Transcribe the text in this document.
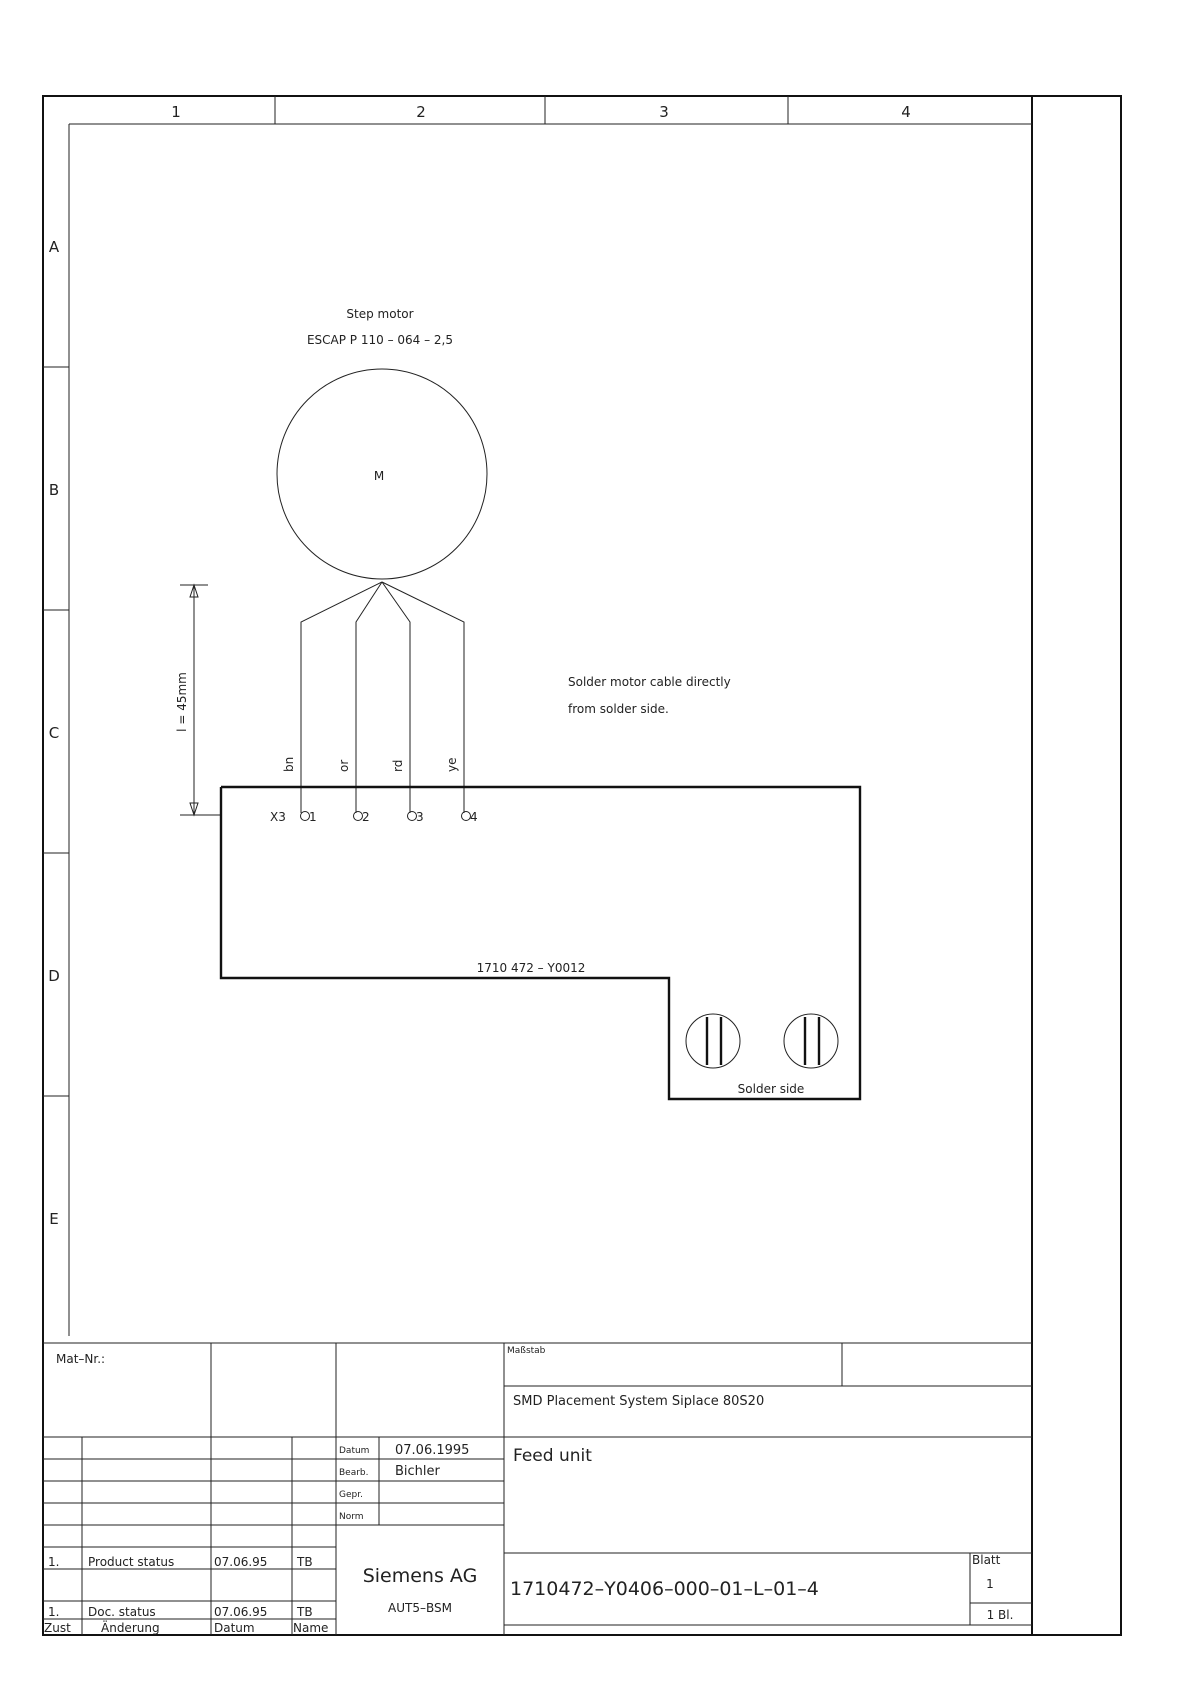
1	2	3	4
A
B
C
D
E
Step motor
ESCAP P 110 – 064 – 2,5
M
bn	or	rd	ye
l = 45mm
X3 1	2	3	4
Solder motor cable directly
from solder side.
1710 472 – Y0012
Solder side
Mat–Nr.:
Maßstab
SMD Placement System Siplace 80S20
Feed unit
Datum 07.06.1995
Bearb. Bichler
Gepr.
Norm
1. Product status	07.06.95 TB
1. Doc. status	07.06.95 TB
Zust	Änderung	Datum	Name
Siemens AG
AUT5–BSM
1710472–Y0406–000–01–L–01–4
Blatt
1
1 Bl.
